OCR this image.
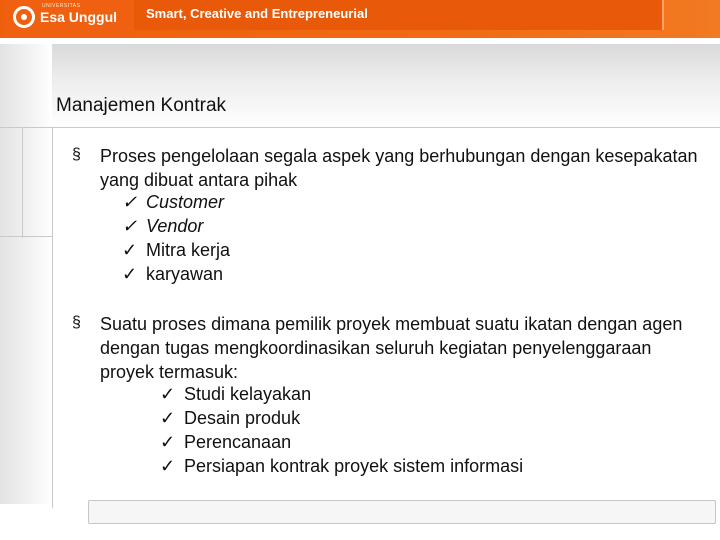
UNIVERSITAS
Esa Unggul Smart, Creative and Entrepreneurial
Manajemen Kontrak
§ Proses pengelolaan segala aspek yang berhubungan dengan kesepakatan yang dibuat antara pihak
✓ Customer
✓ Vendor
✓ Mitra kerja
✓ karyawan
§ Suatu proses dimana pemilik proyek membuat suatu ikatan dengan agen dengan tugas mengkoordinasikan seluruh kegiatan penyelenggaraan proyek termasuk:
✓ Studi kelayakan
✓ Desain produk
✓ Perencanaan
✓ Persiapan kontrak proyek sistem informasi
